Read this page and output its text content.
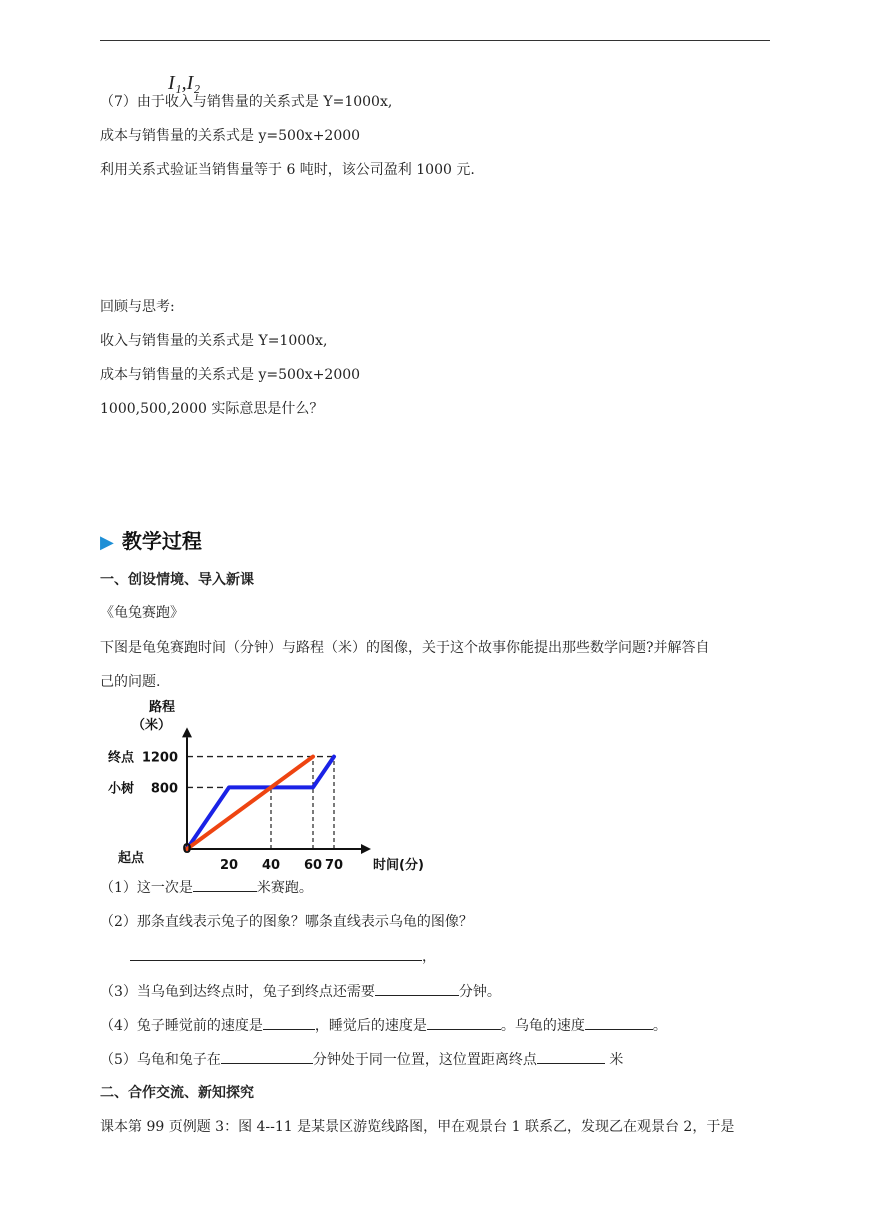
I₁,I₂
（7）由于收入与销售量的关系式是 Y=1000x,
成本与销售量的关系式是 y=500x+2000
利用关系式验证当销售量等于 6 吨时，该公司盈利 1000 元.
回顾与思考:
收入与销售量的关系式是 Y=1000x,
成本与销售量的关系式是 y=500x+2000
1000,500,2000 实际意思是什么？
▶ 教学过程
一、创设情境、导入新课
《龟兔赛跑》
下图是龟兔赛跑时间（分钟）与路程（米）的图像，关于这个故事你能提出那些数学问题?并解答自
己的问题.
路程
（米）
1200
终点
800
小树
20 40 60 70
0
起点	时间(分)
（1）这一次是	米赛跑。
（2）那条直线表示兔子的图象？哪条直线表示乌龟的图像？
，
（3）当乌龟到达终点时，兔子到终点还需要	分钟。
（4）兔子睡觉前的速度是	，睡觉后的速度是	。乌龟的速度	。
（5）乌龟和兔子在	分钟处于同一位置，这位置距离终点	米
二、合作交流、新知探究
课本第 99 页例题 3：图 4--11 是某景区游览线路图，甲在观景台 1 联系乙，发现乙在观景台 2，于是
